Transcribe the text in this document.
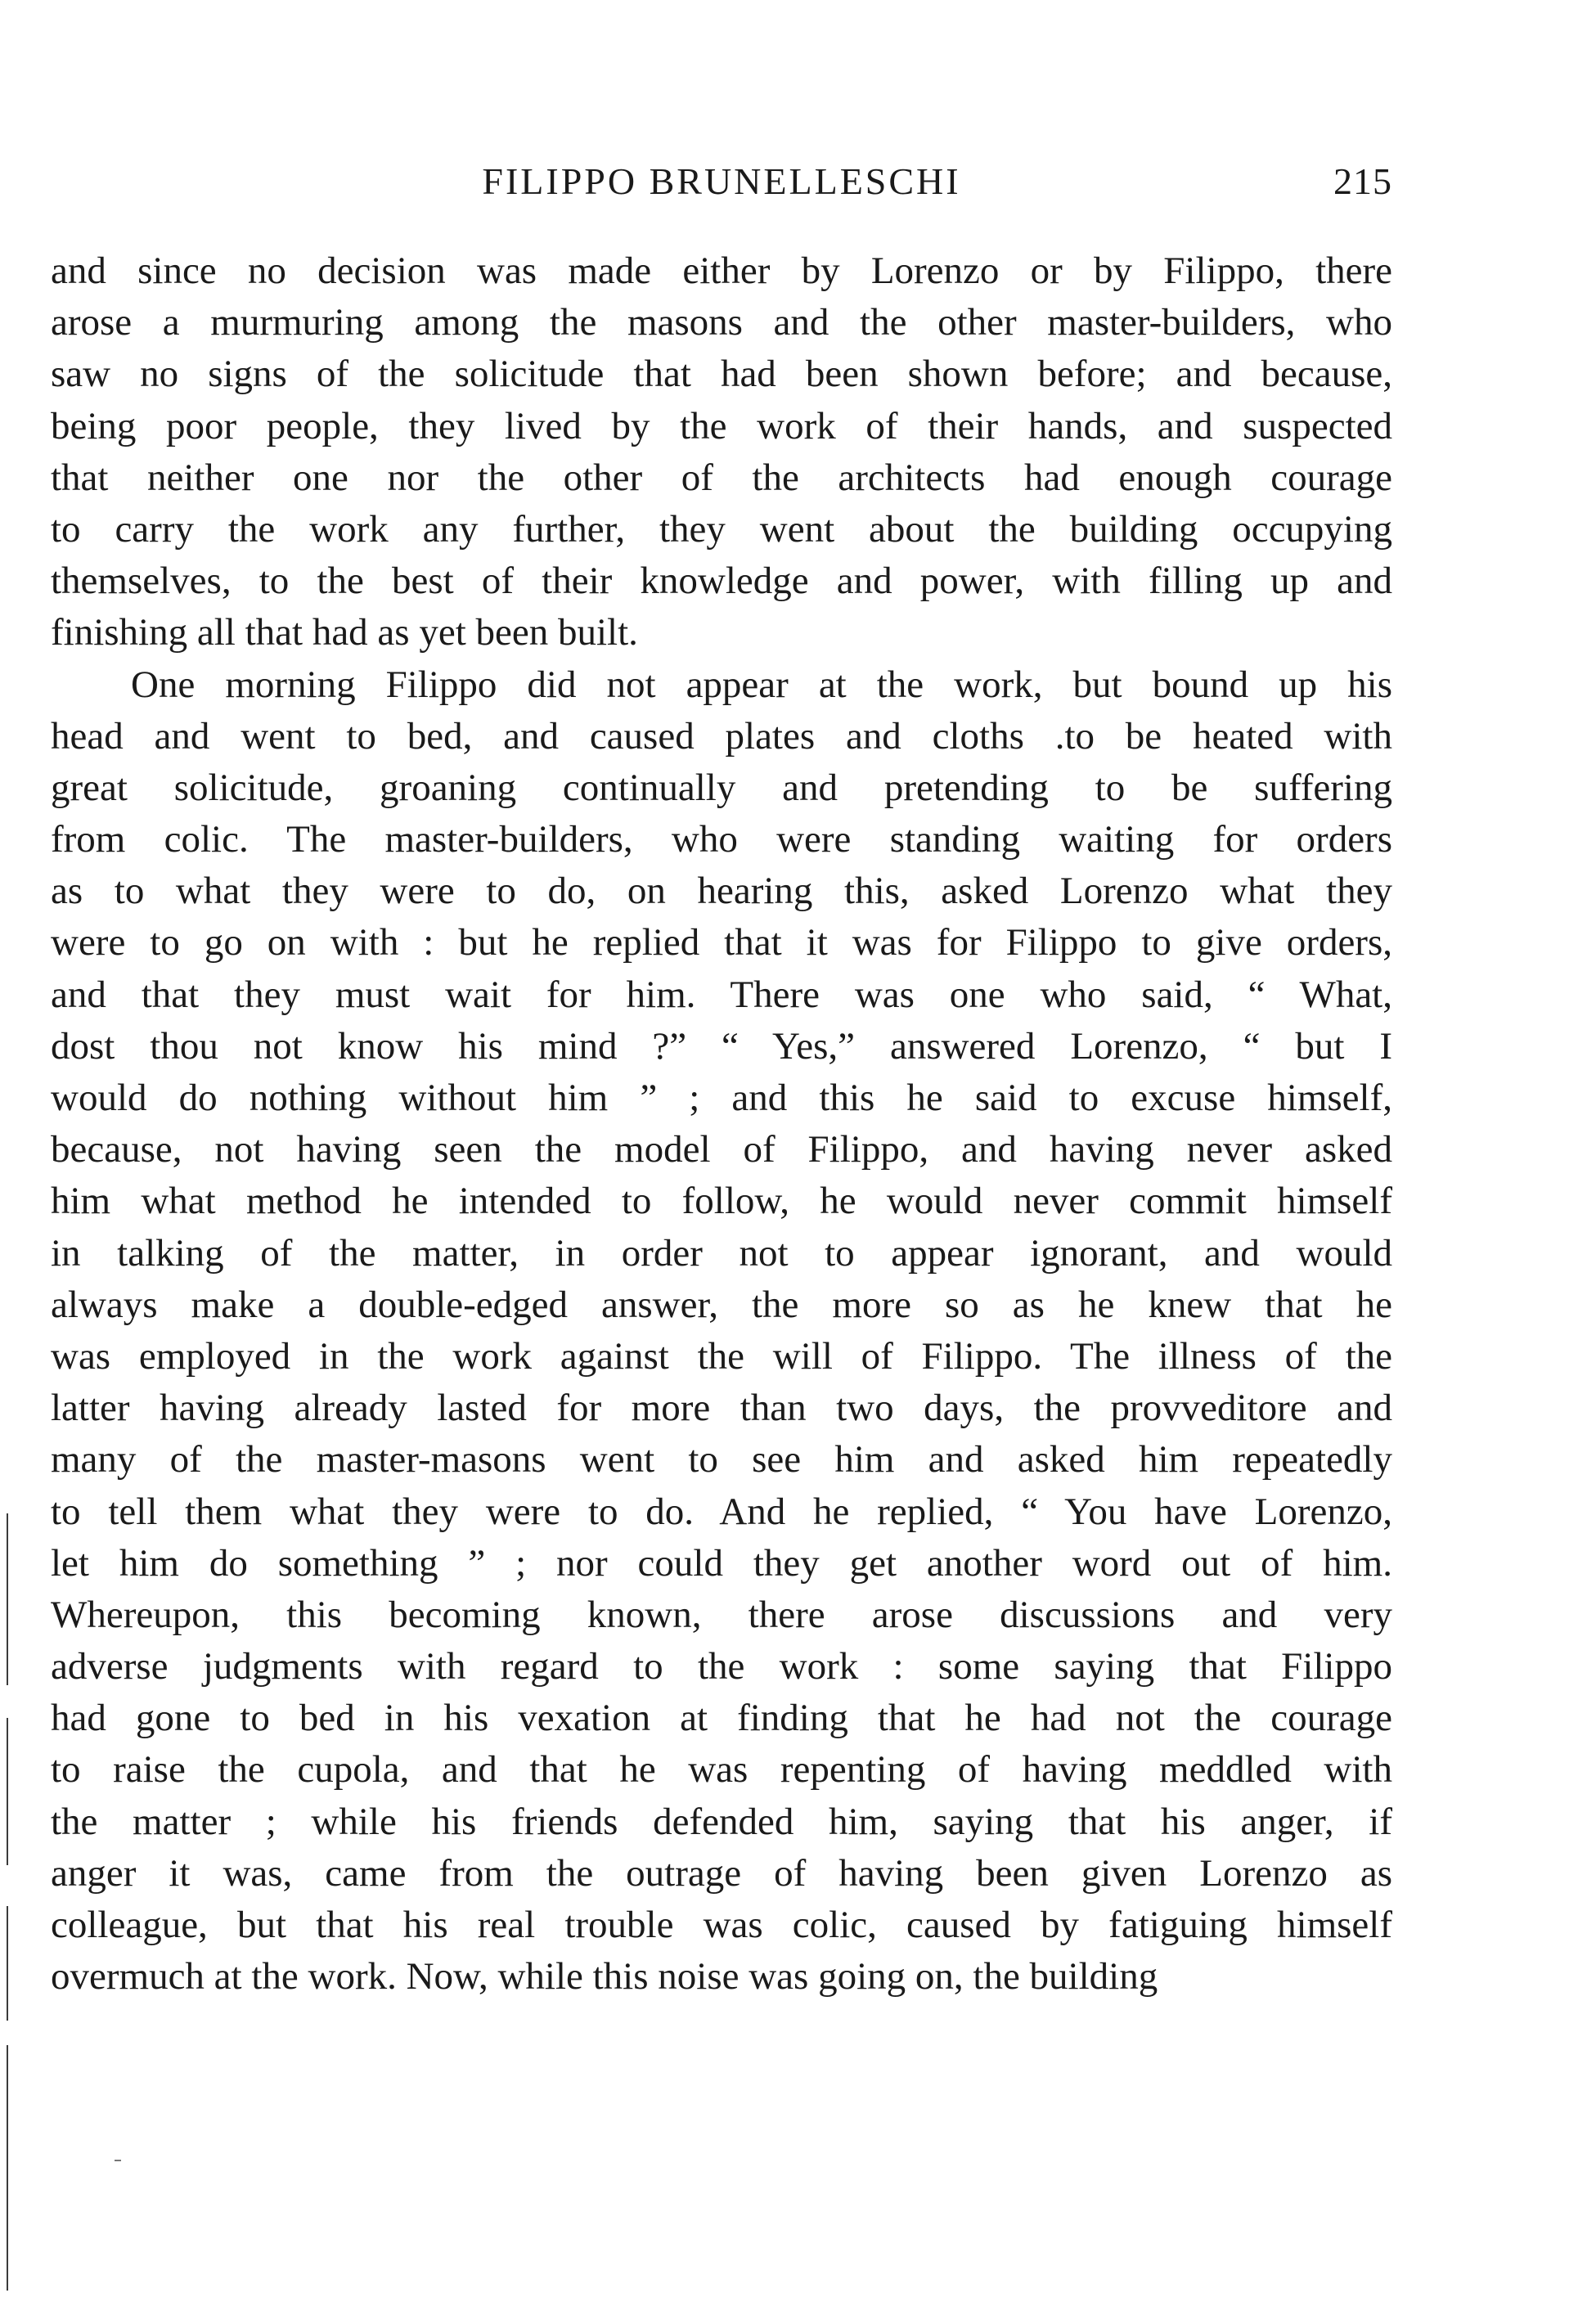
FILIPPO BRUNELLESCHI	215
and since no decision was made either by Lorenzo or by Filippo, there
arose a murmuring among the masons and the other master-builders, who
saw no signs of the solicitude that had been shown before; and because,
being poor people, they lived by the work of their hands, and suspected
that neither one nor the other of the architects had enough courage
to carry the work any further, they went about the building occupying
themselves, to the best of their knowledge and power, with filling up and
finishing all that had as yet been built.
One morning Filippo did not appear at the work, but bound up his
head and went to bed, and caused plates and cloths .to be heated with
great solicitude, groaning continually and pretending to be suffering
from colic. The master-builders, who were standing waiting for orders
as to what they were to do, on hearing this, asked Lorenzo what they
were to go on with : but he replied that it was for Filippo to give orders,
and that they must wait for him. There was one who said, “ What,
dost thou not know his mind ?” “ Yes,” answered Lorenzo, “ but I
would do nothing without him ” ; and this he said to excuse himself,
because, not having seen the model of Filippo, and having never asked
him what method he intended to follow, he would never commit himself
in talking of the matter, in order not to appear ignorant, and would
always make a double-edged answer, the more so as he knew that he
was employed in the work against the will of Filippo. The illness of the
latter having already lasted for more than two days, the provveditore and
many of the master-masons went to see him and asked him repeatedly
to tell them what they were to do. And he replied, “ You have Lorenzo,
let him do something ” ; nor could they get another word out of him.
Whereupon, this becoming known, there arose discussions and very
adverse judgments with regard to the work : some saying that Filippo
had gone to bed in his vexation at finding that he had not the courage
to raise the cupola, and that he was repenting of having meddled with
the matter ; while his friends defended him, saying that his anger, if
anger it was, came from the outrage of having been given Lorenzo as
colleague, but that his real trouble was colic, caused by fatiguing himself
overmuch at the work. Now, while this noise was going on, the building
